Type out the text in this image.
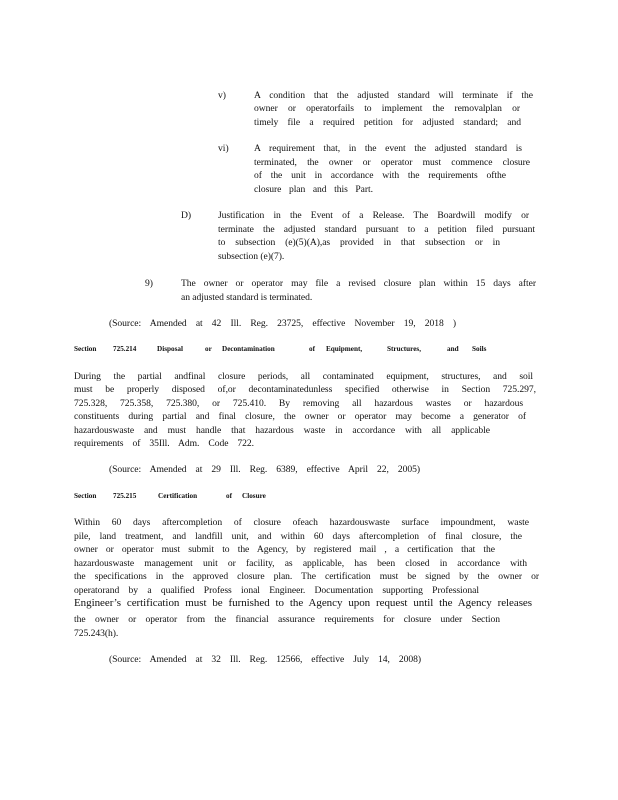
v)	A condition that the adjusted standard will terminate if the
owner or operatorfails to implement the removalplan or
timely file a required petition for adjusted standard; and
vi)	A requirement that, in the event the adjusted standard is
terminated, the owner or operator must commence closure
of the unit in accordance with the requirements ofthe
closure plan and this Part.
D)	Justification in the Event of a Release. The Boardwill modify or
terminate the adjusted standard pursuant to a petition filed pursuant
to subsection (e)(5)(A),as provided in that subsection or in
subsection (e)(7).
9)	The owner or operator may file a revised closure plan within 15 days after
an adjusted standard is terminated.
(Source: Amended at 42 Ill. Reg. 23725, effective November 19, 2018 )
Section 725.214	Disposal	or Decontamination	of Equipment,	Structures,	and Soils
During the partial andfinal closure periods, all contaminated equipment, structures, and soil
must be properly disposed of,or decontaminatedunless specified otherwise in Section 725.297,
725.328, 725.358, 725.380, or 725.410. By removing all hazardous wastes or hazardous
constituents during partial and final closure, the owner or operator may become a generator of
hazardouswaste and must handle that hazardous waste in accordance with all applicable
requirements of 35Ill. Adm. Code 722.
(Source: Amended at 29 Ill. Reg. 6389, effective April 22, 2005)
Section 725.215	Certification	of Closure
Within 60 days aftercompletion of closure ofeach hazardouswaste surface impoundment, waste
pile, land treatment, and landfill unit, and within 60 days aftercompletion of final closure, the
owner or operator must submit to the Agency, by registered mail , a certification that the
hazardouswaste management unit or facility, as applicable, has been closed in accordance with
the specifications in the approved closure plan. The certification must be signed by the owner or
operatorand by a qualified Profess ional Engineer. Documentation supporting Professional
Engineer’s certification must be furnished to the Agency upon request until the Agency releases
the owner or operator from the financial assurance requirements for closure under Section
725.243(h).
(Source: Amended at 32 Ill. Reg. 12566, effective July 14, 2008)
